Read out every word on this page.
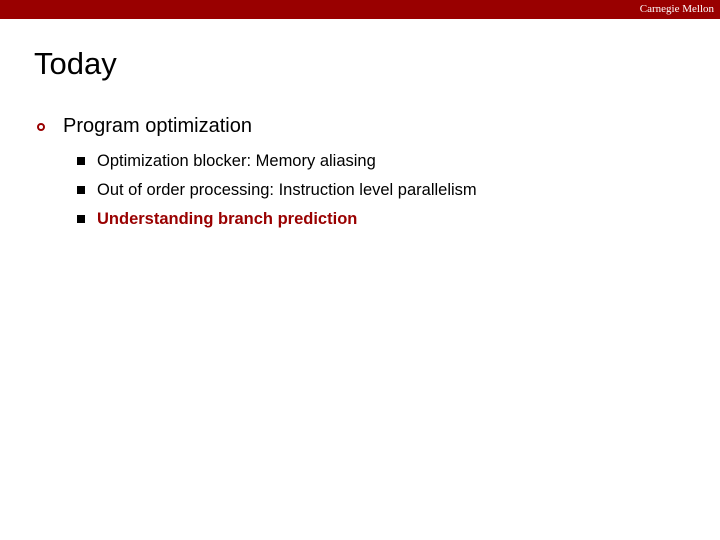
Carnegie Mellon
Today
Program optimization
Optimization blocker: Memory aliasing
Out of order processing: Instruction level parallelism
Understanding branch prediction
